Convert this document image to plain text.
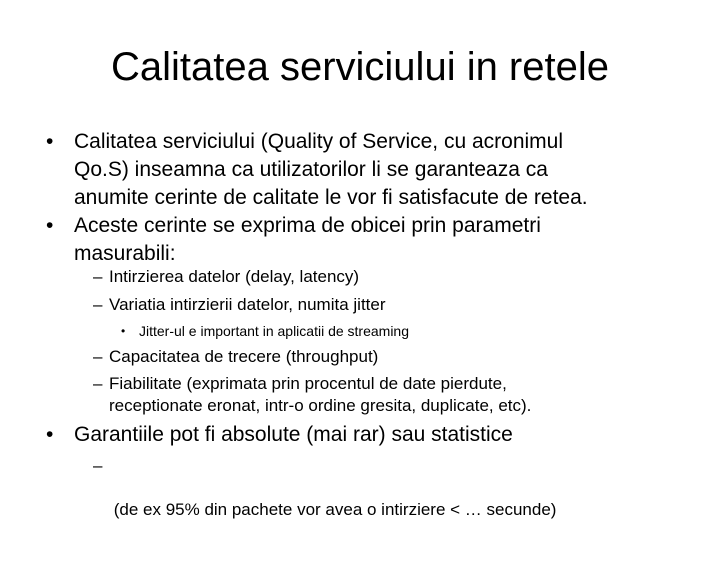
Calitatea serviciului in retele
• Calitatea serviciului (Quality of Service, cu acronimul
Qo.S) inseamna ca utilizatorilor li se garanteaza ca
anumite cerinte de calitate le vor fi satisfacute de retea.
• Aceste cerinte se exprima de obicei prin parametri
masurabili:
– Intirzierea datelor (delay, latency)
– Variatia intirzierii datelor, numita jitter
• Jitter-ul e important in aplicatii de streaming
– Capacitatea de trecere (throughput)
– Fiabilitate (exprimata prin procentul de date pierdute,
receptionate eronat, intr-o ordine gresita, duplicate, etc).
• Garantiile pot fi absolute (mai rar) sau statistice
–

(de ex 95% din pachete vor avea o intirziere < … secunde)
